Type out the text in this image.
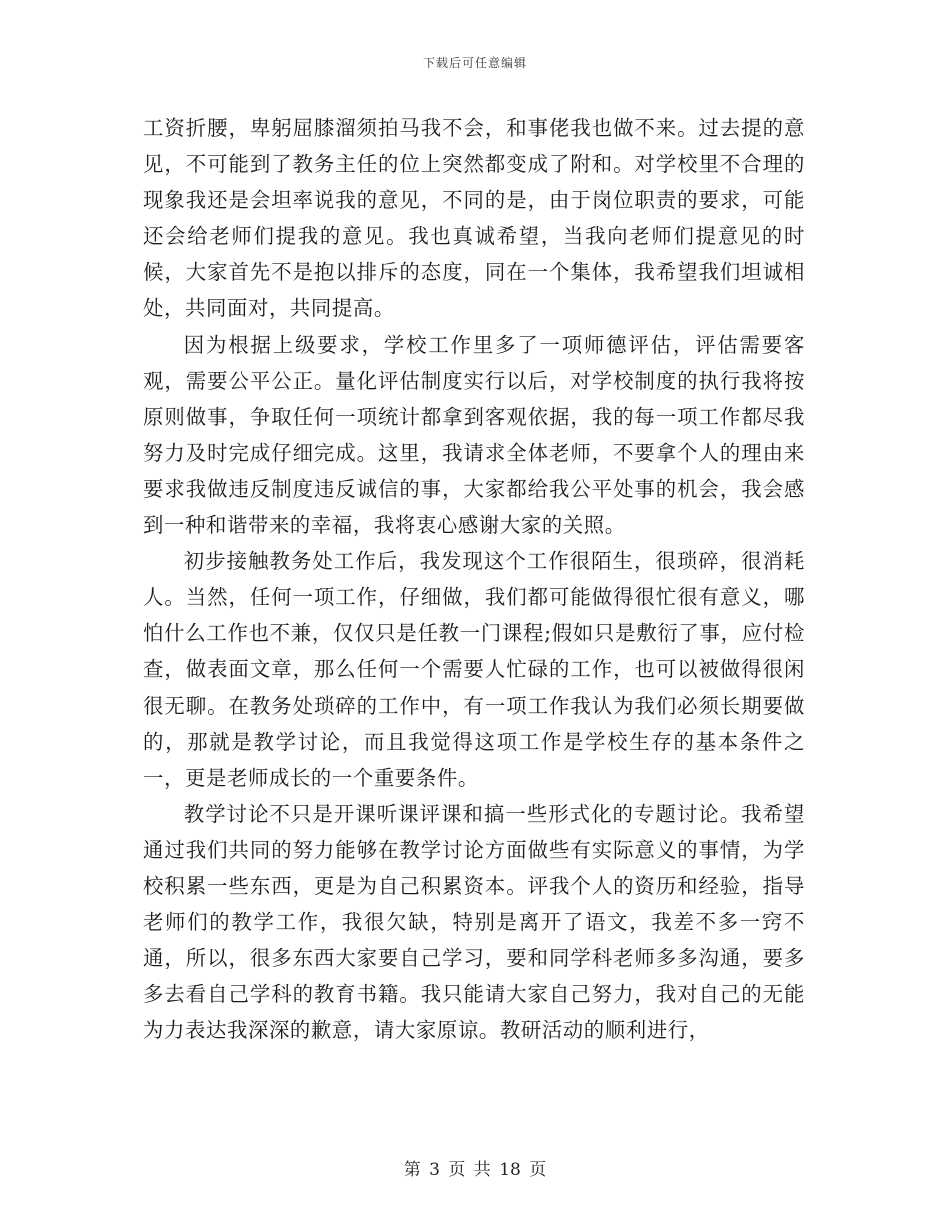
下载后可任意编辑

工资折腰，卑躬屈膝溜须拍马我不会，和事佬我也做不来。过去提的意见，不可能到了教务主任的位上突然都变成了附和。对学校里不合理的现象我还是会坦率说我的意见，不同的是，由于岗位职责的要求，可能还会给老师们提我的意见。我也真诚希望，当我向老师们提意见的时候，大家首先不是抱以排斥的态度，同在一个集体，我希望我们坦诚相处，共同面对，共同提高。

因为根据上级要求，学校工作里多了一项师德评估，评估需要客观，需要公平公正。量化评估制度实行以后，对学校制度的执行我将按原则做事，争取任何一项统计都拿到客观依据，我的每一项工作都尽我努力及时完成仔细完成。这里，我请求全体老师，不要拿个人的理由来要求我做违反制度违反诚信的事，大家都给我公平处事的机会，我会感到一种和谐带来的幸福，我将衷心感谢大家的关照。

初步接触教务处工作后，我发现这个工作很陌生，很琐碎，很消耗人。当然，任何一项工作，仔细做，我们都可能做得很忙很有意义，哪怕什么工作也不兼，仅仅只是任教一门课程;假如只是敷衍了事，应付检查，做表面文章，那么任何一个需要人忙碌的工作，也可以被做得很闲很无聊。在教务处琐碎的工作中，有一项工作我认为我们必须长期要做的，那就是教学讨论，而且我觉得这项工作是学校生存的基本条件之一，更是老师成长的一个重要条件。

教学讨论不只是开课听课评课和搞一些形式化的专题讨论。我希望通过我们共同的努力能够在教学讨论方面做些有实际意义的事情，为学校积累一些东西，更是为自己积累资本。评我个人的资历和经验，指导老师们的教学工作，我很欠缺，特别是离开了语文，我差不多一窍不通，所以，很多东西大家要自己学习，要和同学科老师多多沟通，要多多去看自己学科的教育书籍。我只能请大家自己努力，我对自己的无能为力表达我深深的歉意，请大家原谅。教研活动的顺利进行，

第 3 页 共 18 页
